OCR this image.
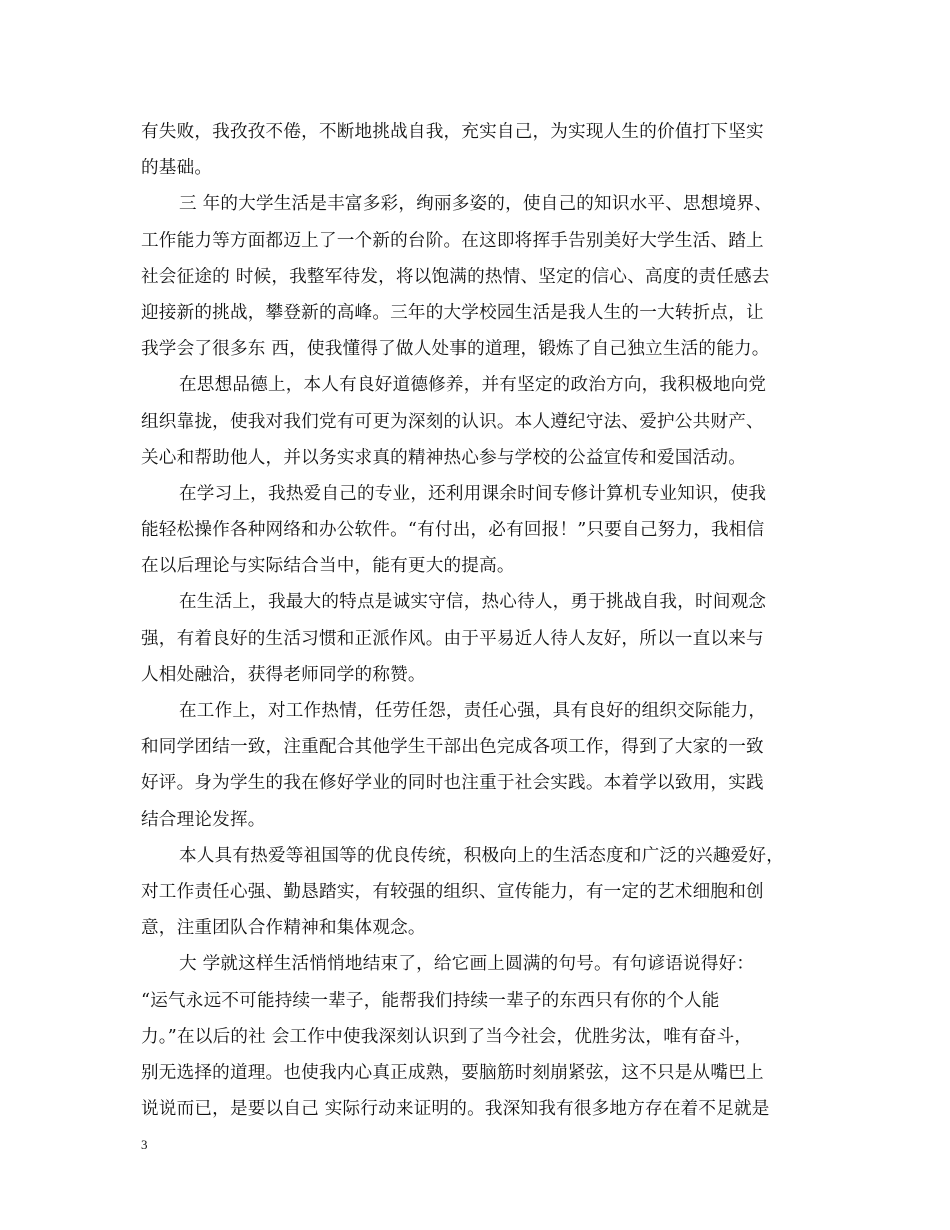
有失败，我孜孜不倦，不断地挑战自我，充实自己，为实现人生的价值打下坚实
的基础。
三 年的大学生活是丰富多彩，绚丽多姿的，使自己的知识水平、思想境界、
工作能力等方面都迈上了一个新的台阶。在这即将挥手告别美好大学生活、踏上
社会征途的 时候，我整军待发，将以饱满的热情、坚定的信心、高度的责任感去
迎接新的挑战，攀登新的高峰。三年的大学校园生活是我人生的一大转折点，让
我学会了很多东 西，使我懂得了做人处事的道理，锻炼了自己独立生活的能力。
在思想品德上，本人有良好道德修养，并有坚定的政治方向，我积极地向党
组织靠拢，使我对我们党有可更为深刻的认识。本人遵纪守法、爱护公共财产、
关心和帮助他人，并以务实求真的精神热心参与学校的公益宣传和爱国活动。
在学习上，我热爱自己的专业，还利用课余时间专修计算机专业知识，使我
能轻松操作各种网络和办公软件。“有付出，必有回报！”只要自己努力，我相信
在以后理论与实际结合当中，能有更大的提高。
在生活上，我最大的特点是诚实守信，热心待人，勇于挑战自我，时间观念
强，有着良好的生活习惯和正派作风。由于平易近人待人友好，所以一直以来与
人相处融洽，获得老师同学的称赞。
在工作上，对工作热情，任劳任怨，责任心强，具有良好的组织交际能力，
和同学团结一致，注重配合其他学生干部出色完成各项工作，得到了大家的一致
好评。身为学生的我在修好学业的同时也注重于社会实践。本着学以致用，实践
结合理论发挥。
本人具有热爱等祖国等的优良传统，积极向上的生活态度和广泛的兴趣爱好，
对工作责任心强、勤恳踏实，有较强的组织、宣传能力，有一定的艺术细胞和创
意，注重团队合作精神和集体观念。
大 学就这样生活悄悄地结束了，给它画上圆满的句号。有句谚语说得好：
“运气永远不可能持续一辈子，能帮我们持续一辈子的东西只有你的个人能
力。”在以后的社 会工作中使我深刻认识到了当今社会，优胜劣汰，唯有奋斗，
别无选择的道理。也使我内心真正成熟，要脑筋时刻崩紧弦，这不只是从嘴巴上
说说而已，是要以自己 实际行动来证明的。我深知我有很多地方存在着不足就是
3
